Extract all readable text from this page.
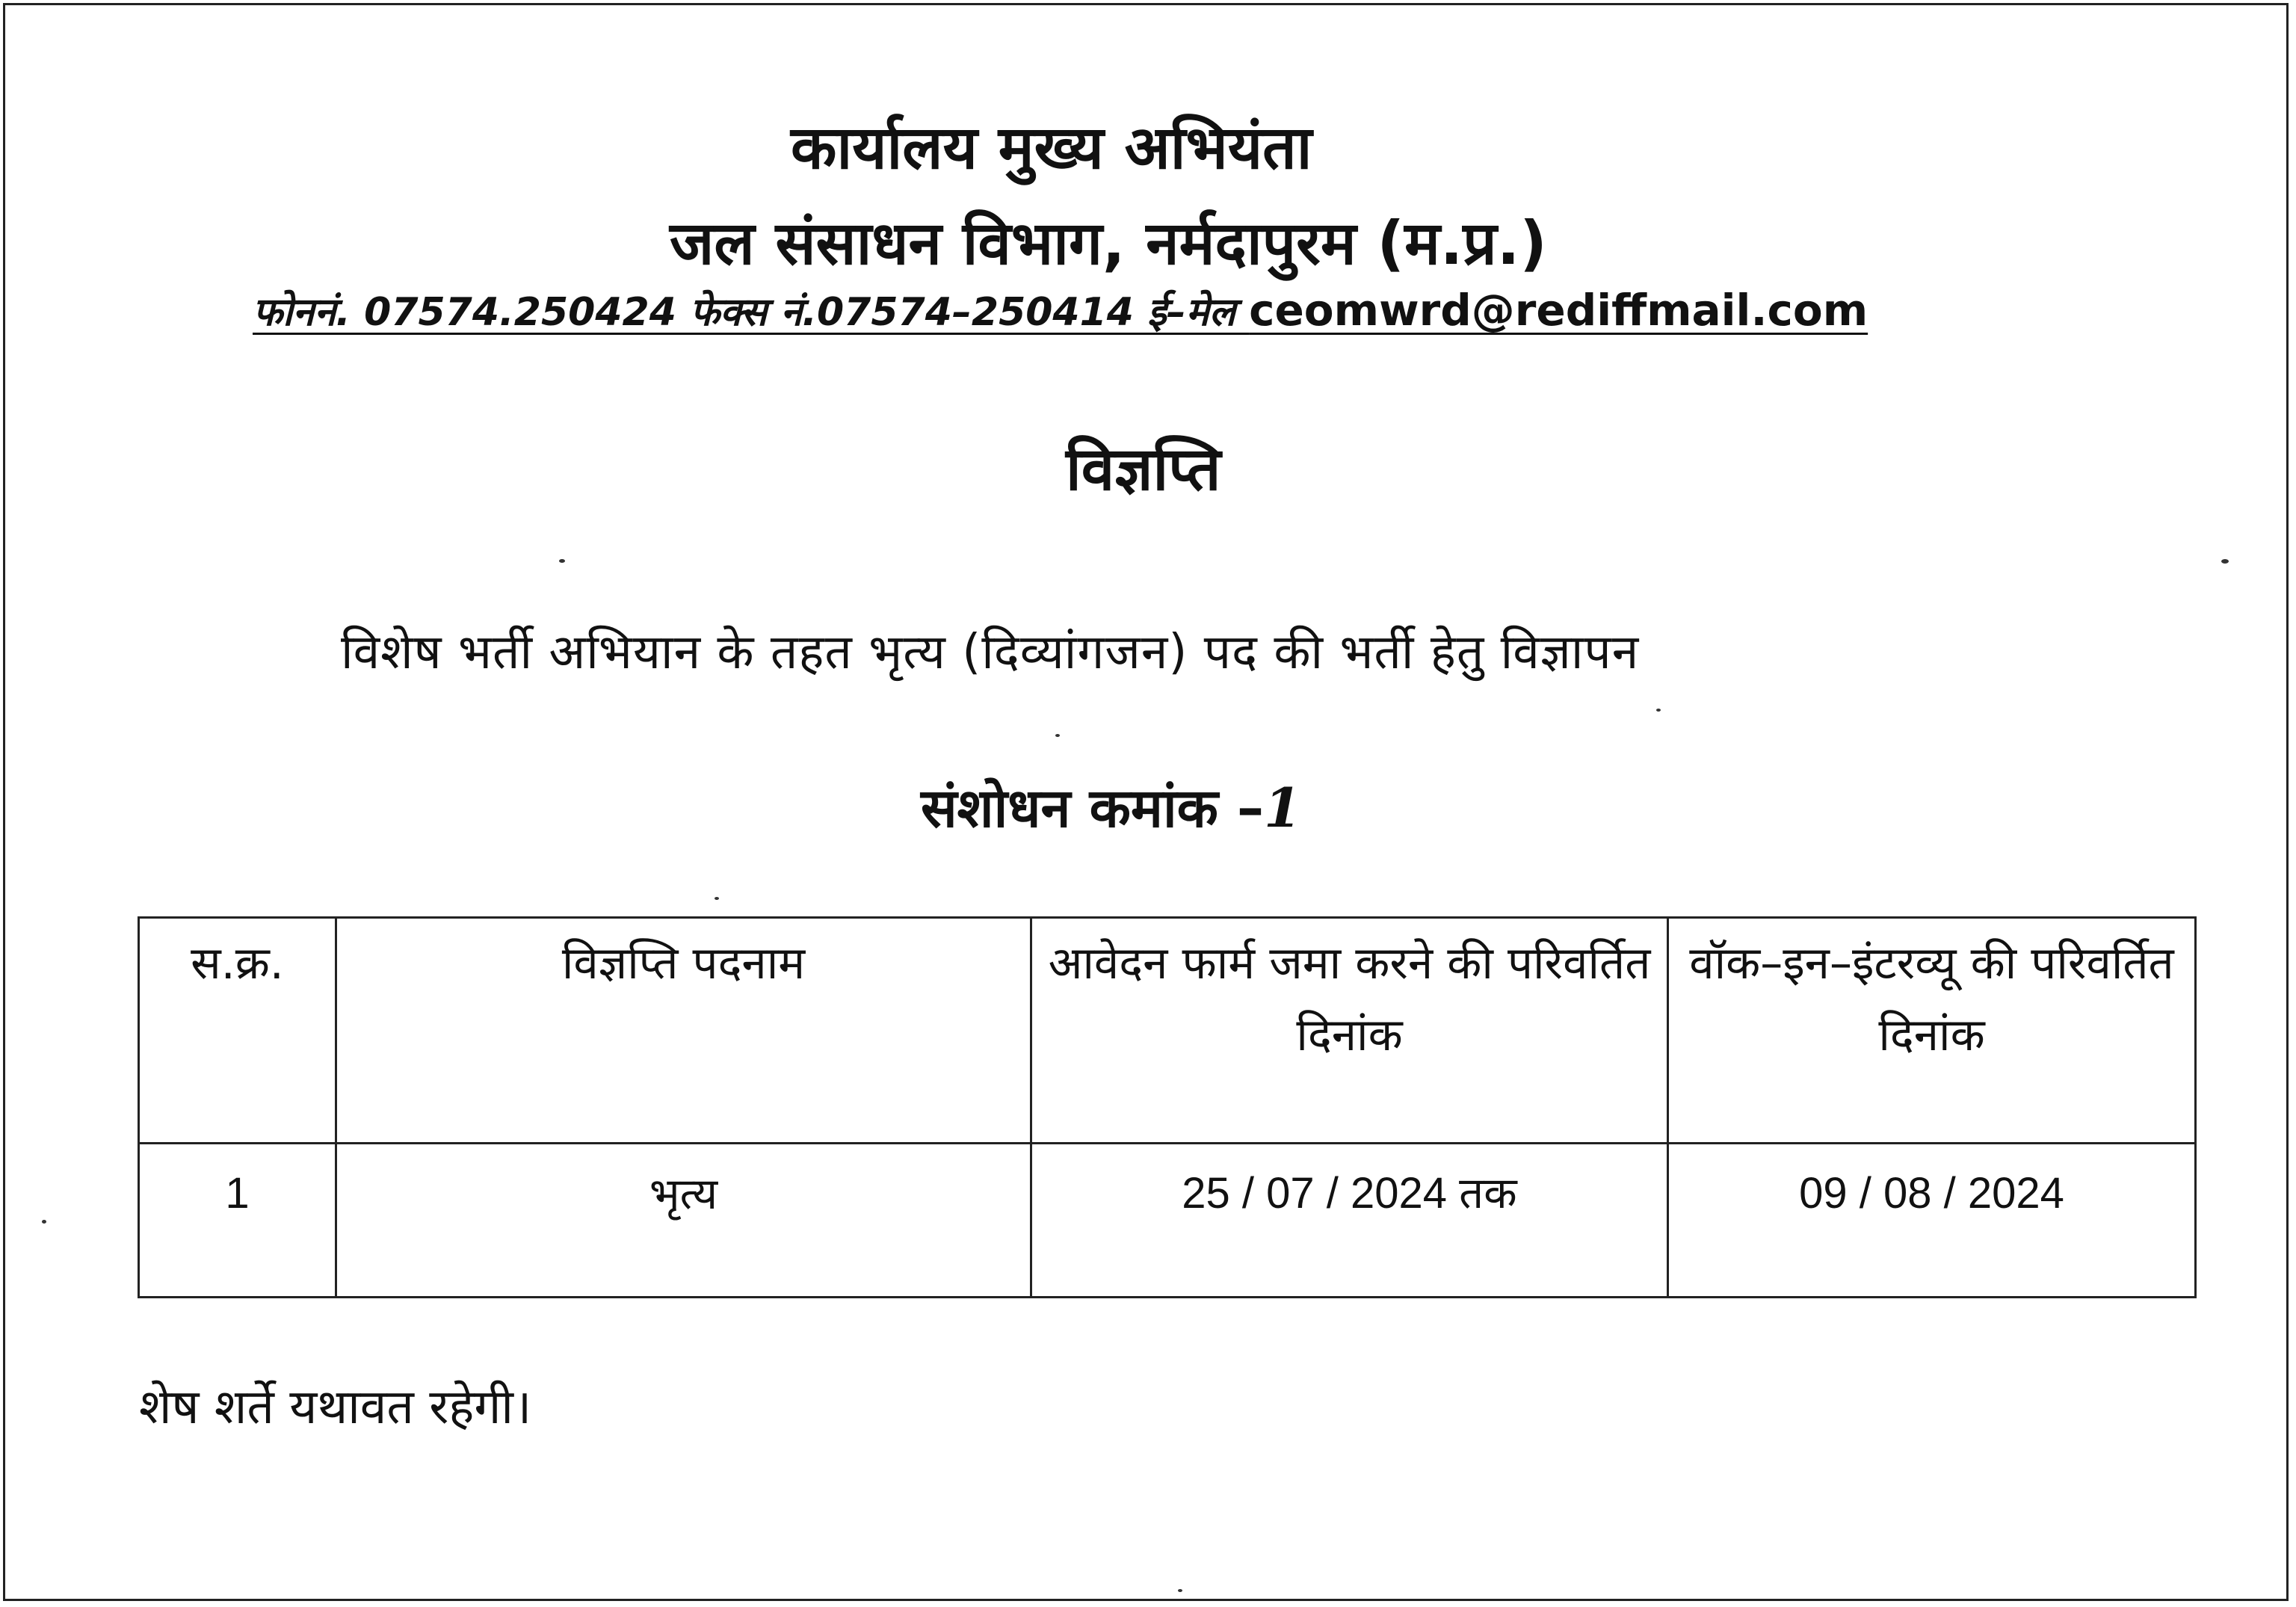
कार्यालय मुख्य अभियंता
जल संसाधन विभाग, नर्मदापुरम (म.प्र.)
फोननं. 07574.250424 फेक्स नं.07574–250414 ई–मेल ceomwrd@rediffmail.com
विज्ञप्ति
विशेष भर्ती अभियान के तहत भृत्य (दिव्यांगजन) पद की भर्ती हेतु विज्ञापन
संशोधन कमांक –1
स.क्र.	विज्ञप्ति पदनाम	आवेदन फार्म जमा करने की परिवर्तित दिनांक	वॉक–इन–इंटरव्यू की परिवर्तित दिनांक
1	भृत्य	25 / 07 / 2024 तक	09 / 08 / 2024
शेष शर्ते यथावत रहेगी।
